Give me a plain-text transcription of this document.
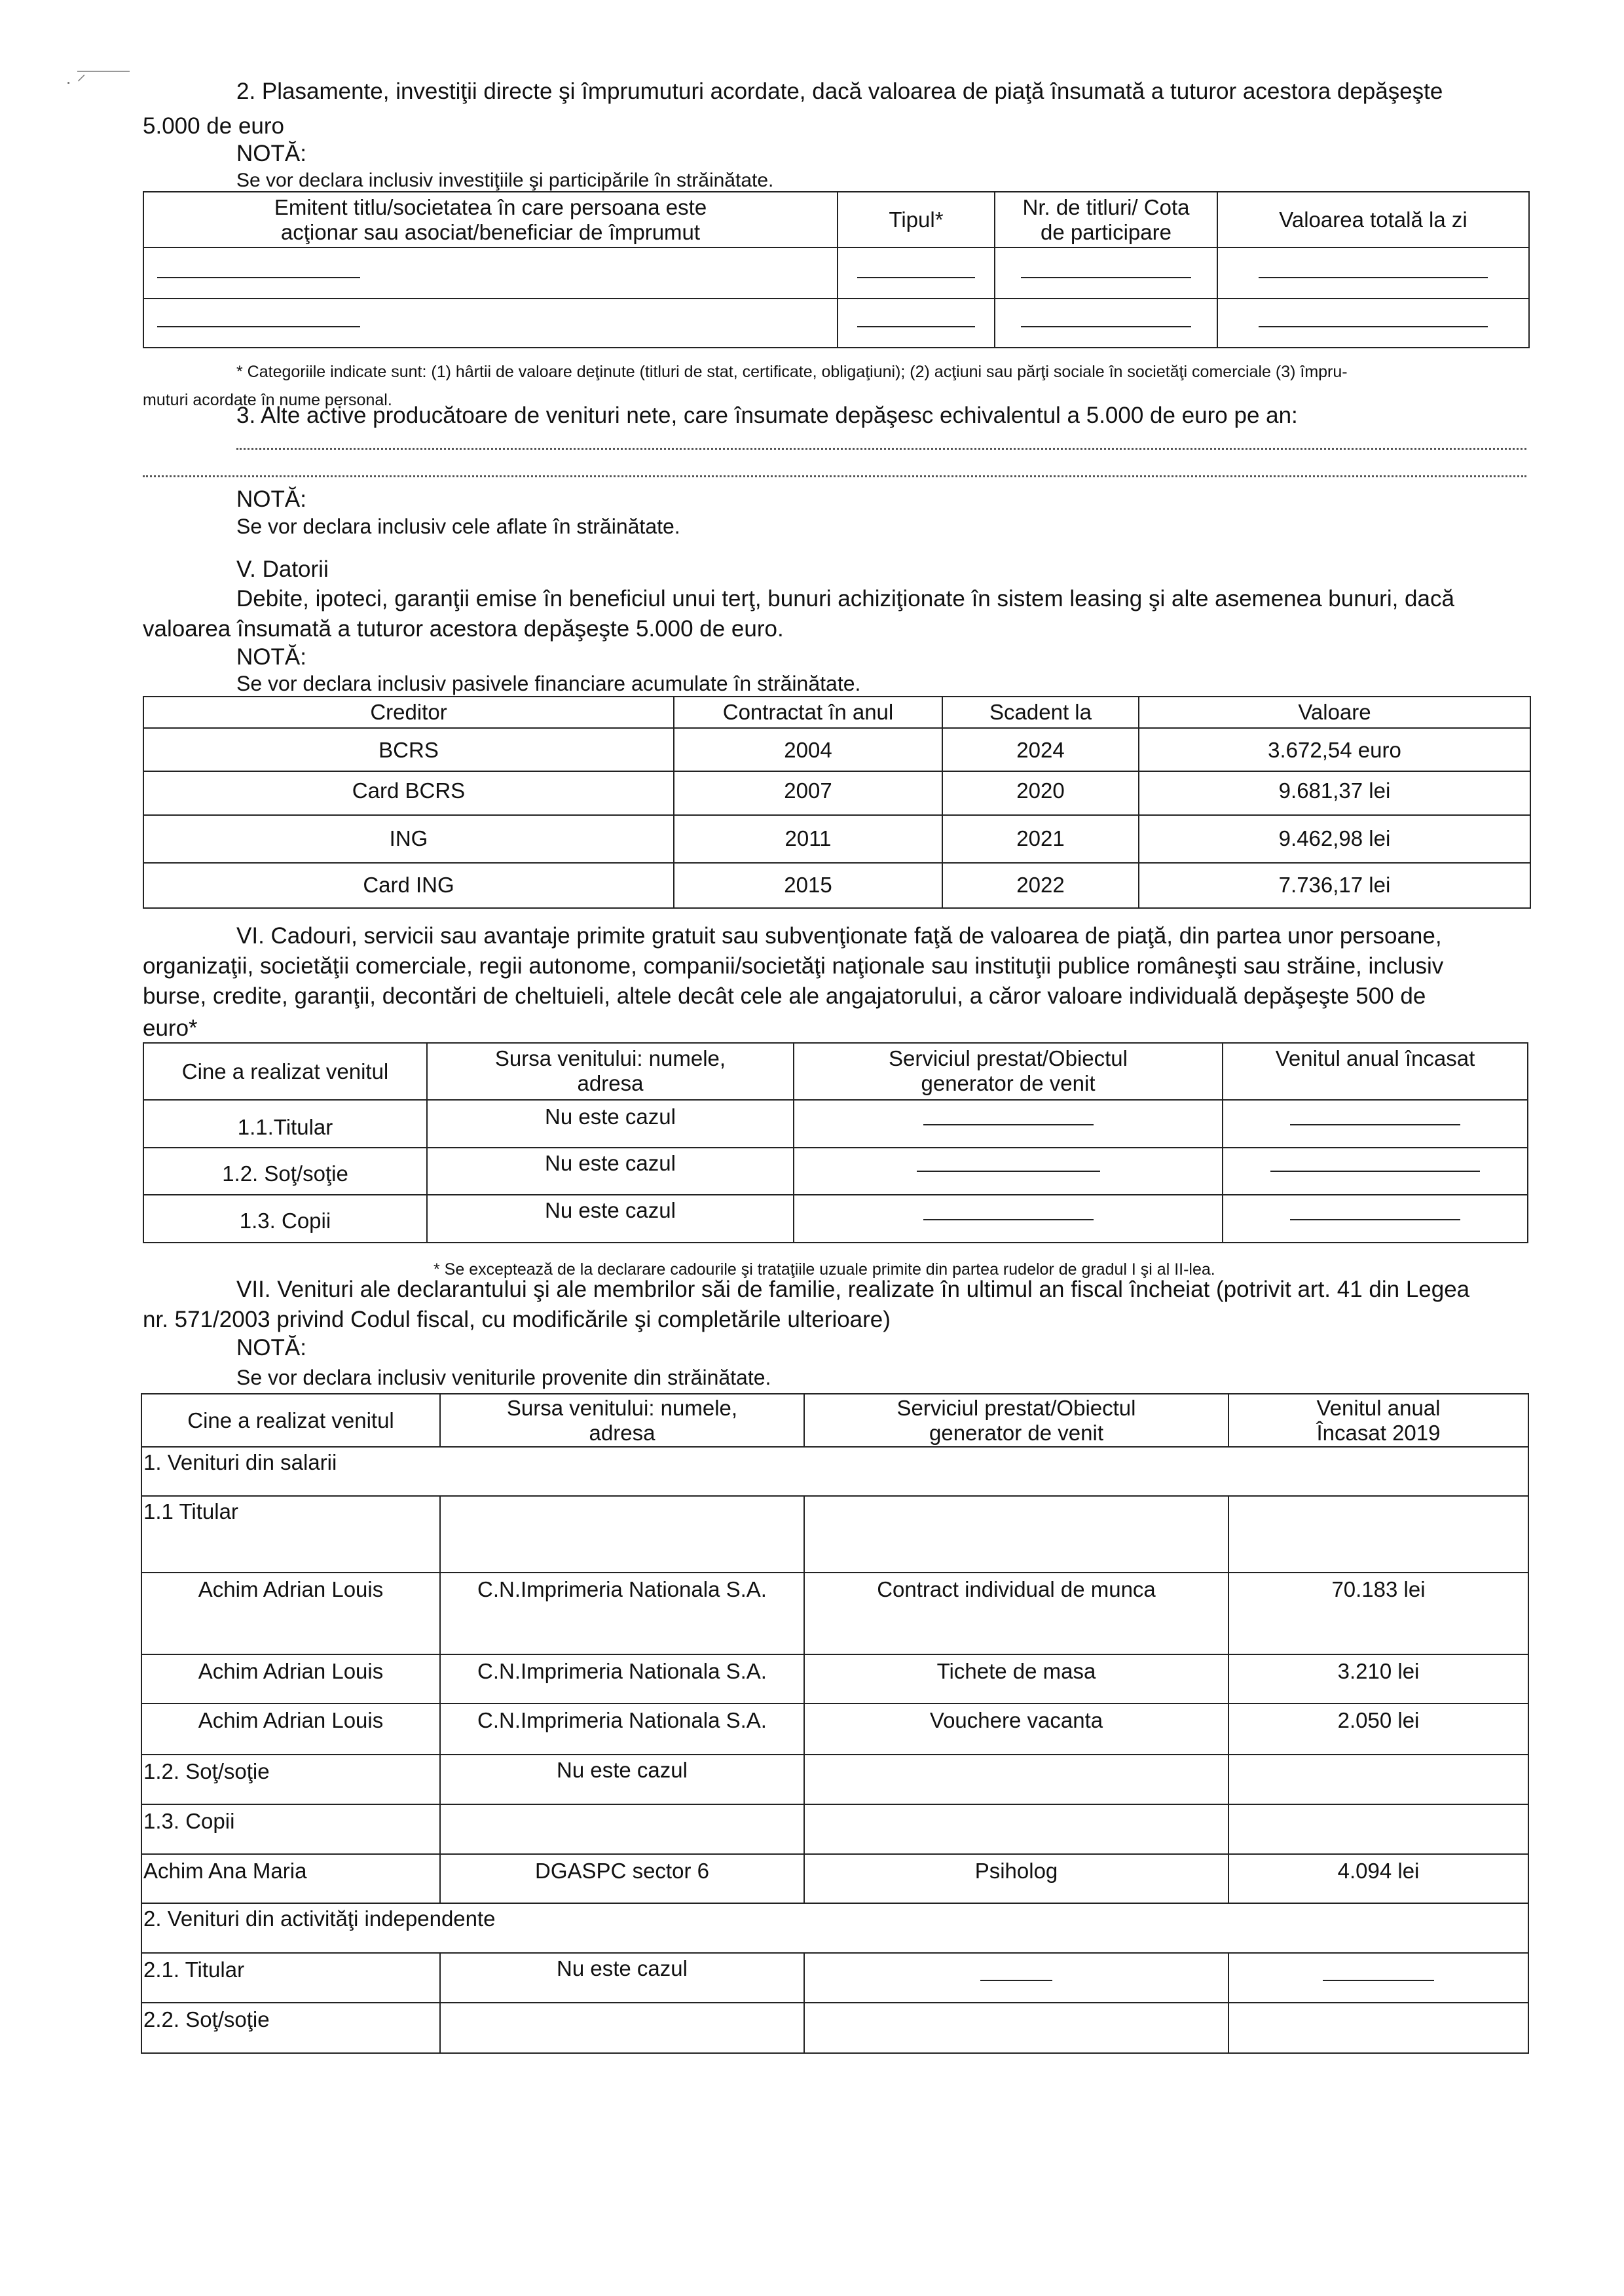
· ⸍	2. Plasamente, investiţii directe şi împrumuturi acordate, dacă valoarea de piaţă însumată a tuturor acestora depăşeşte

5.000 de euro

NOTĂ:

Se vor declara inclusiv investiţiile şi participările în străinătate.

Emitent titlu/societatea în care persoana este acţionar sau asociat/beneficiar de împrumut	Tipul*	Nr. de titluri/ Cota de participare	Valoarea totală la zi

* Categoriile indicate sunt: (1) hârtii de valoare deţinute (titluri de stat, certificate, obligaţiuni); (2) acţiuni sau părţi sociale în societăţi comerciale (3) împru-

muturi acordate în nume personal.

3. Alte active producătoare de venituri nete, care însumate depăşesc echivalentul a 5.000 de euro pe an:

NOTĂ:

Se vor declara inclusiv cele aflate în străinătate.

V. Datorii

Debite, ipoteci, garanţii emise în beneficiul unui terţ, bunuri achiziţionate în sistem leasing şi alte asemenea bunuri, dacă

valoarea însumată a tuturor acestora depăşeşte 5.000 de euro.

NOTĂ:

Se vor declara inclusiv pasivele financiare acumulate în străinătate.

Creditor	Contractat în anul	Scadent la	Valoare
BCRS	2004	2024	3.672,54 euro
Card BCRS	2007	2020	9.681,37 lei
ING	2011	2021	9.462,98 lei
Card ING	2015	2022	7.736,17 lei

VI. Cadouri, servicii sau avantaje primite gratuit sau subvenţionate faţă de valoarea de piaţă, din partea unor persoane,

organizaţii, societăţii comerciale, regii autonome, companii/societăţi naţionale sau instituţii publice româneşti sau străine, inclusiv

burse, credite, garanţii, decontări de cheltuieli, altele decât cele ale angajatorului, a căror valoare individuală depăşeşte 500 de

euro*

Cine a realizat venitul	Sursa venitului: numele, adresa	Serviciul prestat/Obiectul generator de venit	Venitul anual încasat
1.1.Titular	Nu este cazul	

1.2. Soţ/soţie	Nu este cazul	

1.3. Copii	Nu este cazul	

* Se exceptează de la declarare cadourile şi trataţiile uzuale primite din partea rudelor de gradul I şi al II-lea.

VII. Venituri ale declarantului şi ale membrilor săi de familie, realizate în ultimul an fiscal încheiat (potrivit art. 41 din Legea

nr. 571/2003 privind Codul fiscal, cu modificările şi completările ulterioare)

NOTĂ:

Se vor declara inclusiv veniturile provenite din străinătate.

Cine a realizat venitul	Sursa venitului: numele, adresa	Serviciul prestat/Obiectul generator de venit	Venitul anual Încasat 2019
1. Venituri din salarii			
1.1 Titular			
Achim Adrian Louis	C.N.Imprimeria Nationala S.A.	Contract individual de munca	70.183 lei
Achim Adrian Louis	C.N.Imprimeria Nationala S.A.	Tichete de masa	3.210 lei
Achim Adrian Louis	C.N.Imprimeria Nationala S.A.	Vouchere vacanta	2.050 lei
1.2. Soţ/soţie	Nu este cazul		
1.3. Copii			
Achim Ana Maria	DGASPC sector 6	Psiholog	4.094 lei
2. Venituri din activităţi independente			
2.1. Titular	Nu este cazul	

2.2. Soţ/soţie			
